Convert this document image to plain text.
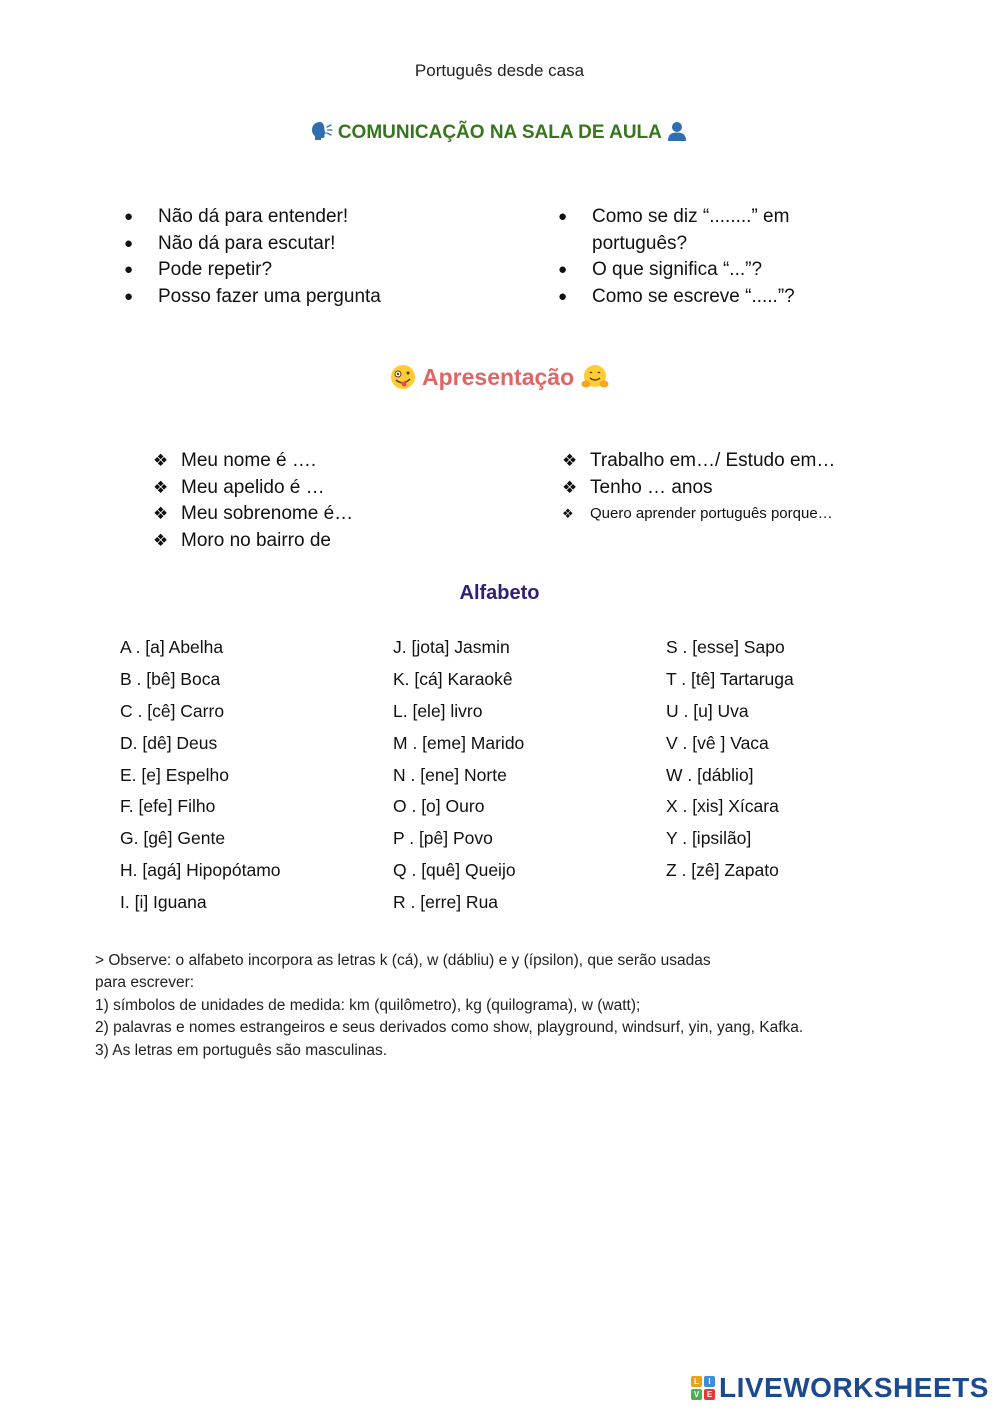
Português desde casa
COMUNICAÇÃO NA SALA DE AULA
● Não dá para entender!
● Não dá para escutar!
● Pode repetir?
● Posso fazer uma pergunta
● Como se diz “........” em
português?
● O que significa “...”?
● Como se escreve “.....”?
Apresentação
❖ Meu nome é ….
❖ Meu apelido é …
❖ Meu sobrenome é…
❖ Moro no bairro de
❖ Trabalho em…/ Estudo em…
❖ Tenho … anos
❖ Quero aprender português porque…
Alfabeto
A . [a] Abelha
B . [bê] Boca
C . [cê] Carro
D. [dê] Deus
E. [e] Espelho
F. [efe] Filho
G. [gê] Gente
H. [agá] Hipopótamo
I. [i] Iguana
J. [jota] Jasmin
K. [cá] Karaokê
L. [ele] livro
M . [eme] Marido
N . [ene] Norte
O . [o] Ouro
P . [pê] Povo
Q . [quê] Queijo
R . [erre] Rua
S . [esse] Sapo
T . [tê] Tartaruga
U . [u] Uva
V . [vê ] Vaca
W . [dáblio]
X . [xis] Xícara
Y . [ipsilão]
Z . [zê] Zapato
> Observe: o alfabeto incorpora as letras k (cá), w (dábliu) e y (ípsilon), que serão usadas
para escrever:
1) símbolos de unidades de medida: km (quilômetro), kg (quilograma), w (watt);
2) palavras e nomes estrangeiros e seus derivados como show, playground, windsurf, yin, yang, Kafka.
3) As letras em português são masculinas.
L	I
V E LIVEWORKSHEETS
